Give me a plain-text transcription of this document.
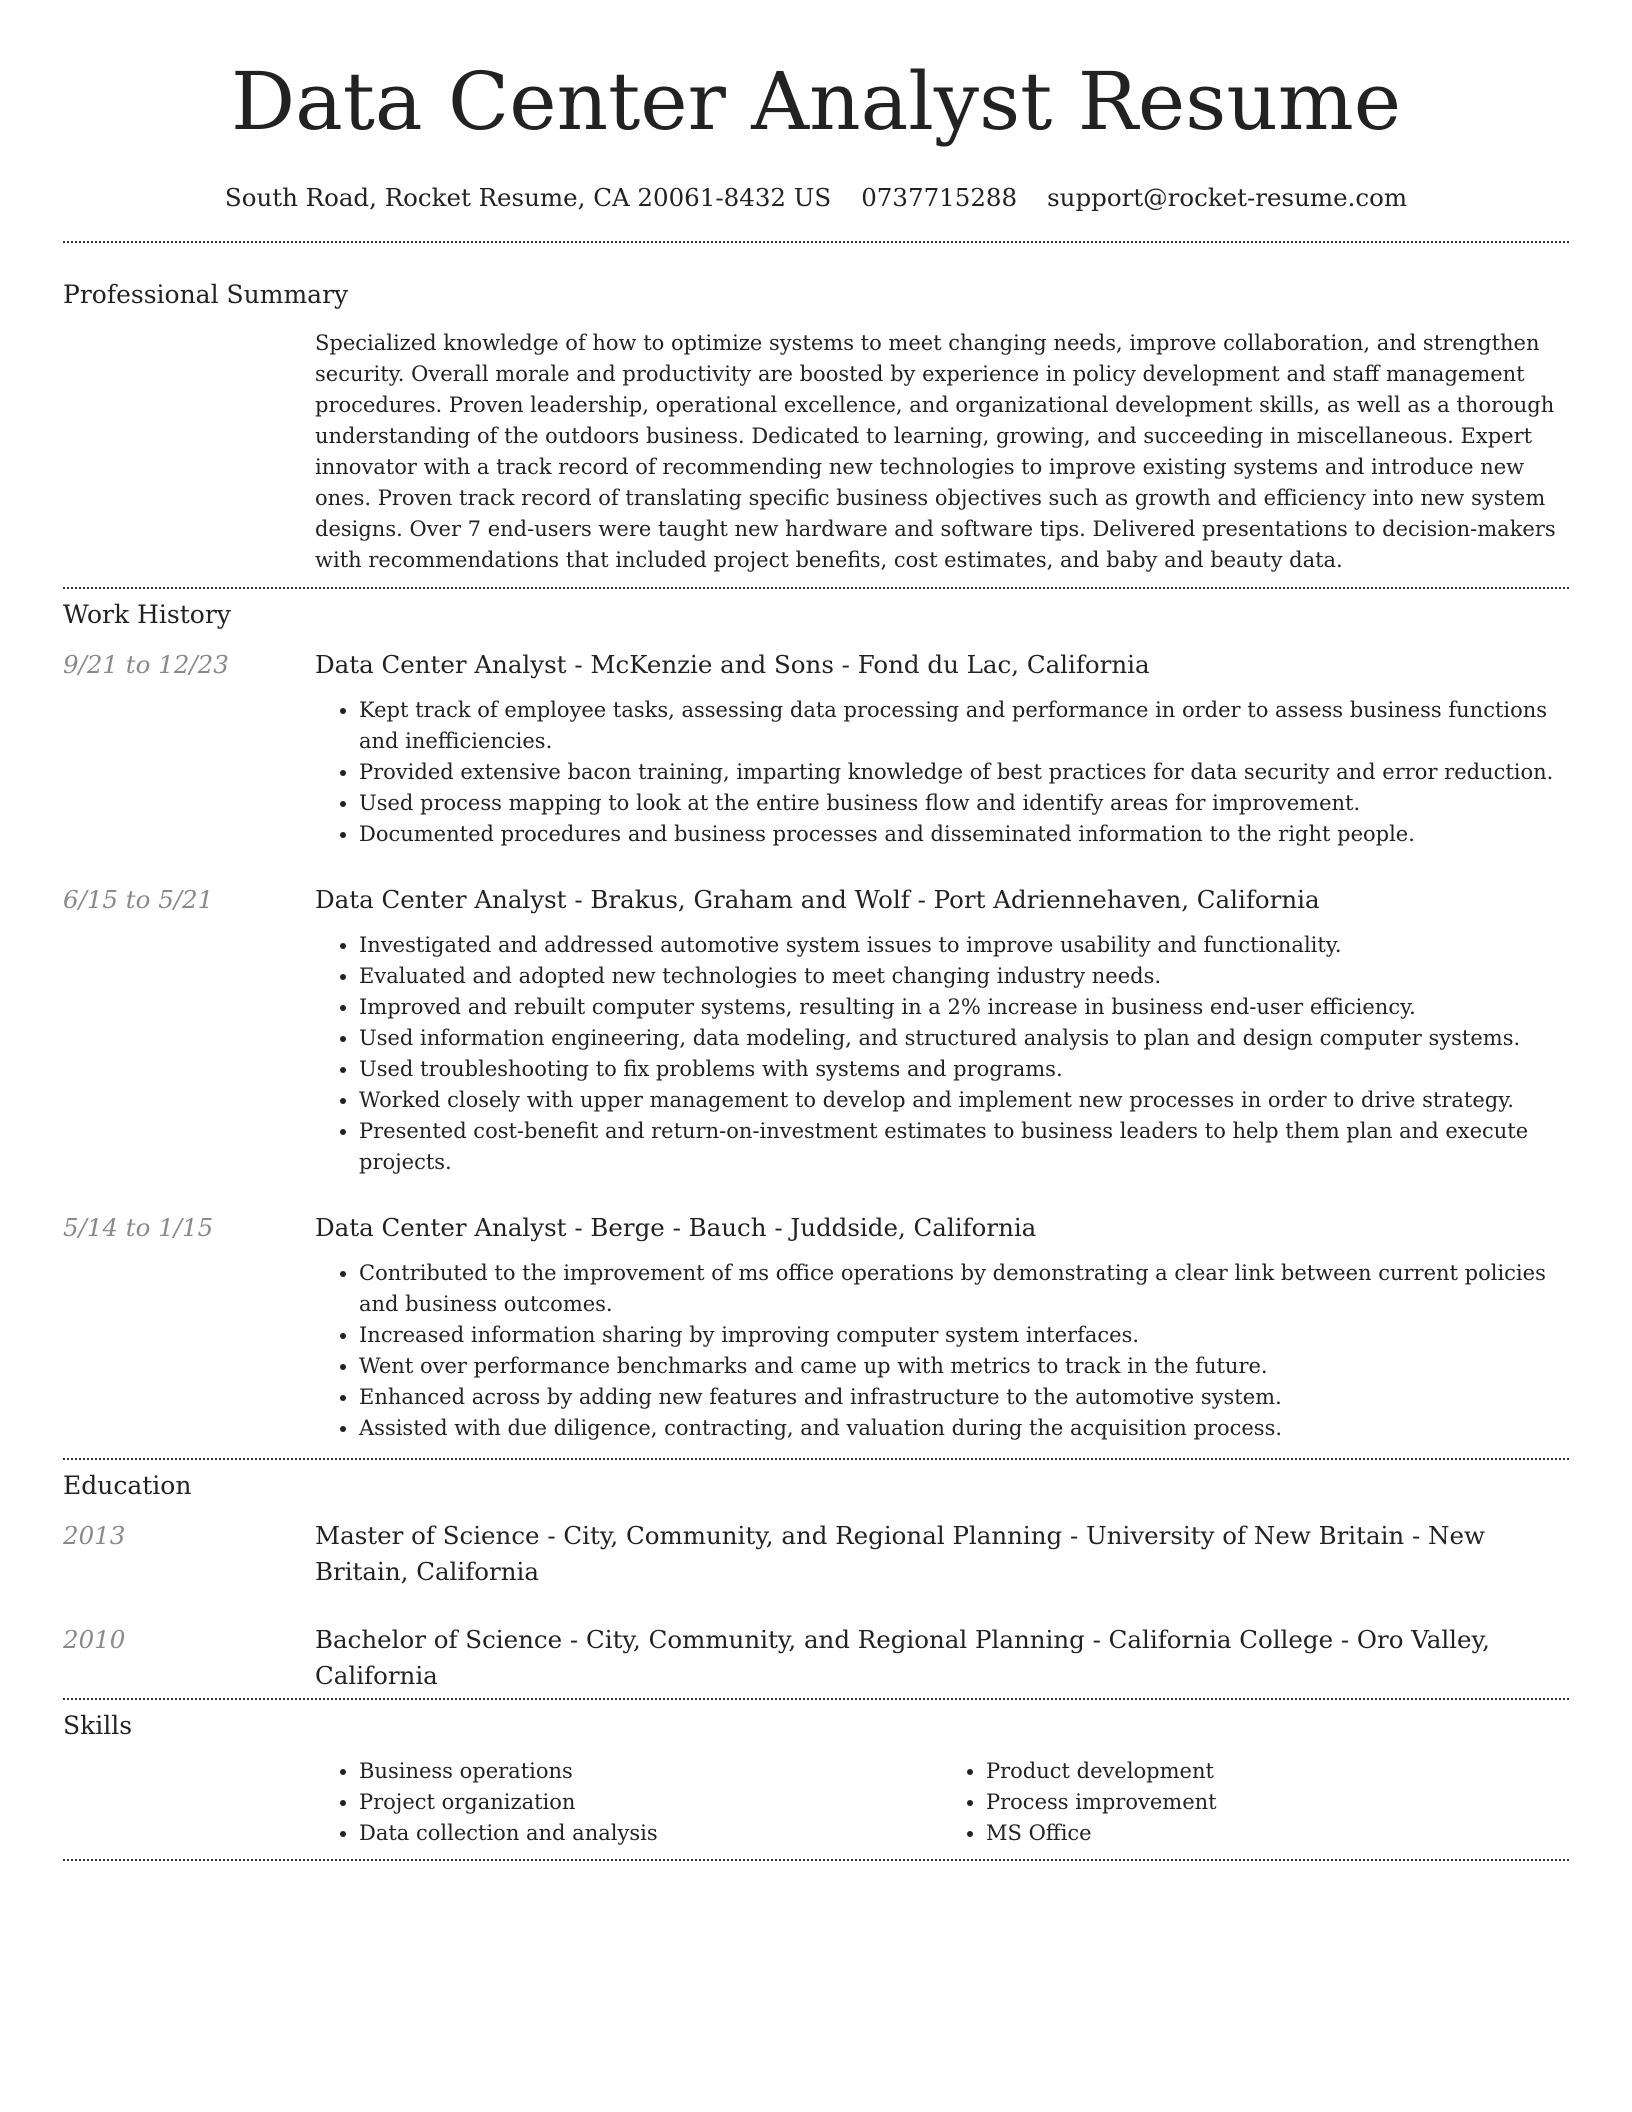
Data Center Analyst Resume
South Road, Rocket Resume, CA 20061-8432 US 0737715288 support@rocket-resume.com
Professional Summary

Specialized knowledge of how to optimize systems to meet changing needs, improve collaboration, and strengthen security. Overall morale and productivity are boosted by experience in policy development and staff management procedures. Proven leadership, operational excellence, and organizational development skills, as well as a thorough understanding of the outdoors business. Dedicated to learning, growing, and succeeding in miscellaneous. Expert innovator with a track record of recommending new technologies to improve existing systems and introduce new ones. Proven track record of translating specific business objectives such as growth and efficiency into new system designs. Over 7 end-users were taught new hardware and software tips. Delivered presentations to decision-makers with recommendations that included project benefits, cost estimates, and baby and beauty data.

Work History
9/21 to 12/23	Data Center Analyst - McKenzie and Sons - Fond du Lac, California
• Kept track of employee tasks, assessing data processing and performance in order to assess business functions and inefficiencies.
• Provided extensive bacon training, imparting knowledge of best practices for data security and error reduction.
• Used process mapping to look at the entire business flow and identify areas for improvement.
• Documented procedures and business processes and disseminated information to the right people.
6/15 to 5/21	Data Center Analyst - Brakus, Graham and Wolf - Port Adriennehaven, California
• Investigated and addressed automotive system issues to improve usability and functionality.
• Evaluated and adopted new technologies to meet changing industry needs.
• Improved and rebuilt computer systems, resulting in a 2% increase in business end-user efficiency.
• Used information engineering, data modeling, and structured analysis to plan and design computer systems.
• Used troubleshooting to fix problems with systems and programs.
• Worked closely with upper management to develop and implement new processes in order to drive strategy.
• Presented cost-benefit and return-on-investment estimates to business leaders to help them plan and execute projects.
5/14 to 1/15	Data Center Analyst - Berge - Bauch - Juddside, California
• Contributed to the improvement of ms office operations by demonstrating a clear link between current policies and business outcomes.
• Increased information sharing by improving computer system interfaces.
• Went over performance benchmarks and came up with metrics to track in the future.
• Enhanced across by adding new features and infrastructure to the automotive system.
• Assisted with due diligence, contracting, and valuation during the acquisition process.
Education
2013	Master of Science - City, Community, and Regional Planning - University of New Britain - New Britain, California
2010	Bachelor of Science - City, Community, and Regional Planning - California College - Oro Valley, California
Skills
• Business operations
• Project organization
• Data collection and analysis
• Product development
• Process improvement
• MS Office
